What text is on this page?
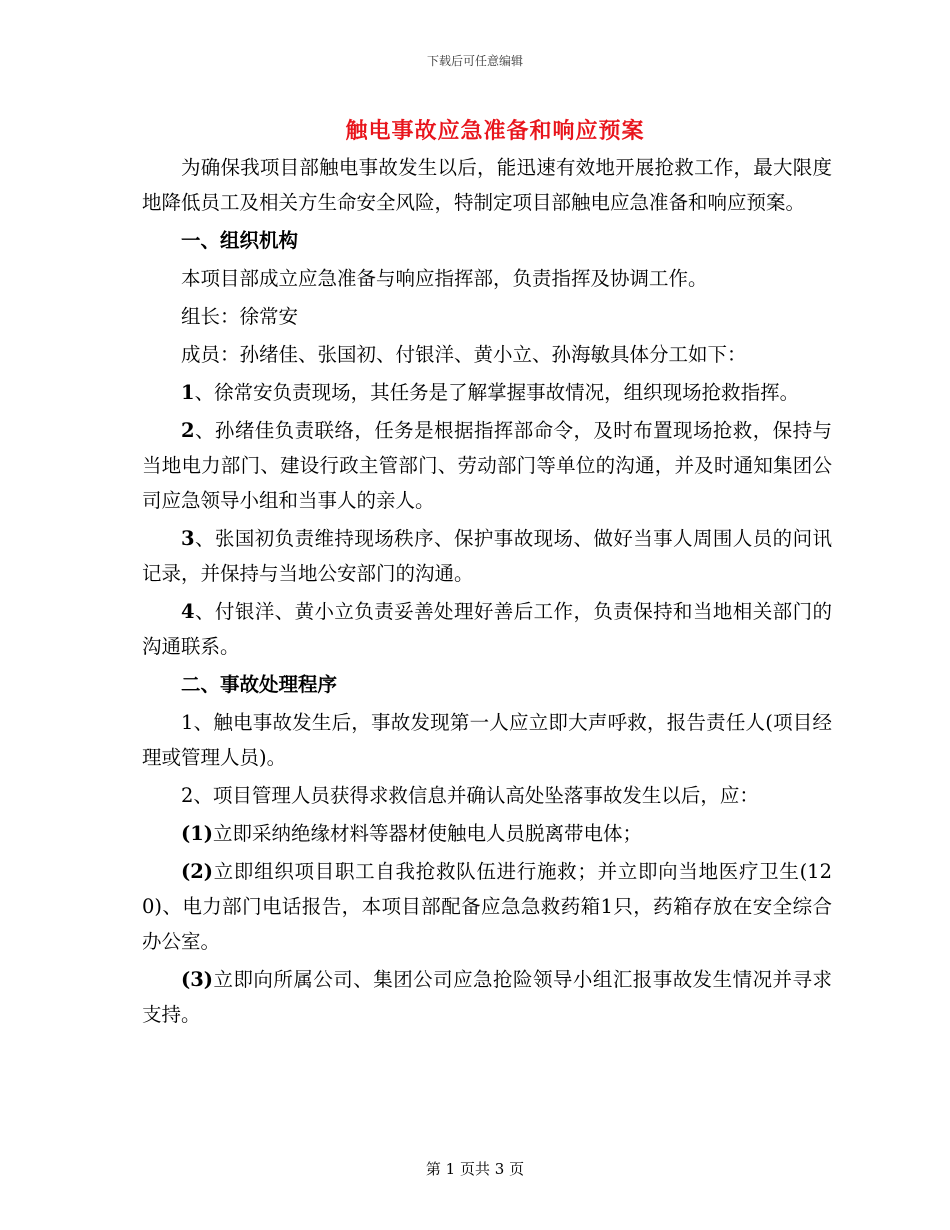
下载后可任意编辑
触电事故应急准备和响应预案

为确保我项目部触电事故发生以后，能迅速有效地开展抢救工作，最大限度地降低员工及相关方生命安全风险，特制定项目部触电应急准备和响应预案。

一、组织机构

本项目部成立应急准备与响应指挥部，负责指挥及协调工作。

组长：徐常安

成员：孙绪佳、张国初、付银洋、黄小立、孙海敏具体分工如下：

1、徐常安负责现场，其任务是了解掌握事故情况，组织现场抢救指挥。

2、孙绪佳负责联络，任务是根据指挥部命令，及时布置现场抢救，保持与当地电力部门、建设行政主管部门、劳动部门等单位的沟通，并及时通知集团公司应急领导小组和当事人的亲人。

3、张国初负责维持现场秩序、保护事故现场、做好当事人周围人员的问讯记录，并保持与当地公安部门的沟通。

4、付银洋、黄小立负责妥善处理好善后工作，负责保持和当地相关部门的沟通联系。

二、事故处理程序

1、触电事故发生后，事故发现第一人应立即大声呼救，报告责任人(项目经理或管理人员)。

2、项目管理人员获得求救信息并确认高处坠落事故发生以后，应：

(1)立即采纳绝缘材料等器材使触电人员脱离带电体；

(2)立即组织项目职工自我抢救队伍进行施救；并立即向当地医疗卫生(120)、电力部门电话报告，本项目部配备应急急救药箱1只，药箱存放在安全综合办公室。

(3)立即向所属公司、集团公司应急抢险领导小组汇报事故发生情况并寻求支持。

第 1 页共 3 页
